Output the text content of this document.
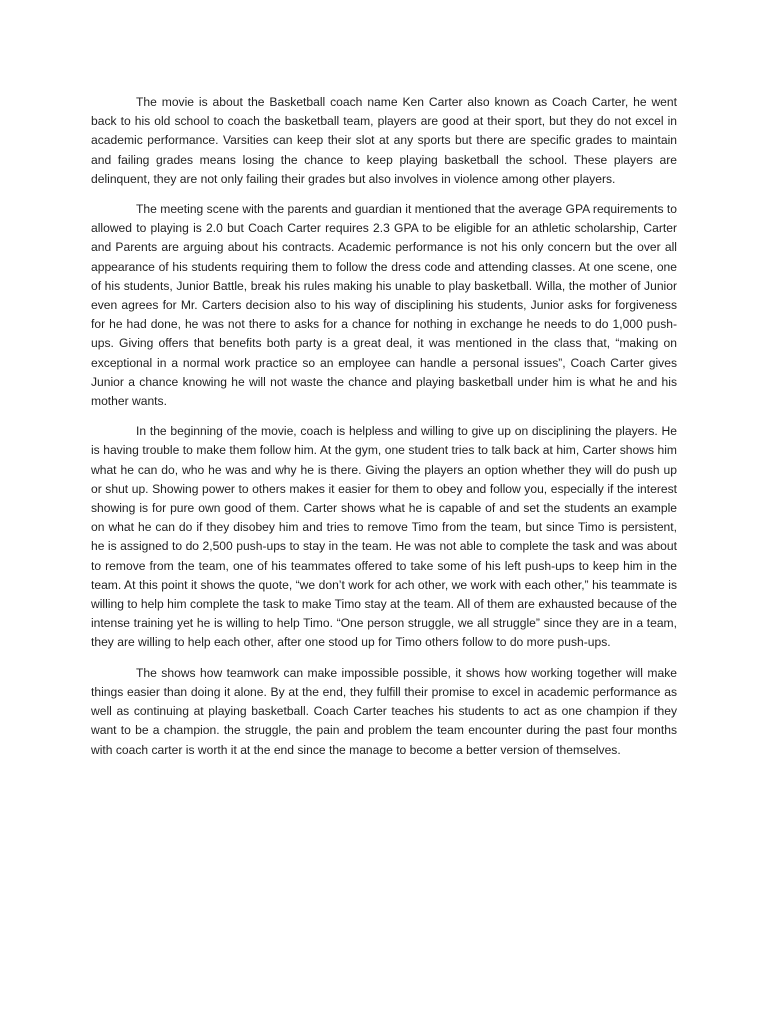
The movie is about the Basketball coach name Ken Carter also known as Coach Carter, he went back to his old school to coach the basketball team, players are good at their sport, but they do not excel in academic performance. Varsities can keep their slot at any sports but there are specific grades to maintain and failing grades means losing the chance to keep playing basketball the school. These players are delinquent, they are not only failing their grades but also involves in violence among other players.

The meeting scene with the parents and guardian it mentioned that the average GPA requirements to allowed to playing is 2.0 but Coach Carter requires 2.3 GPA to be eligible for an athletic scholarship, Carter and Parents are arguing about his contracts. Academic performance is not his only concern but the over all appearance of his students requiring them to follow the dress code and attending classes. At one scene, one of his students, Junior Battle, break his rules making his unable to play basketball. Willa, the mother of Junior even agrees for Mr. Carters decision also to his way of disciplining his students, Junior asks for forgiveness for he had done, he was not there to asks for a chance for nothing in exchange he needs to do 1,000 push-ups. Giving offers that benefits both party is a great deal, it was mentioned in the class that, “making on exceptional in a normal work practice so an employee can handle a personal issues”, Coach Carter gives Junior a chance knowing he will not waste the chance and playing basketball under him is what he and his mother wants.

In the beginning of the movie, coach is helpless and willing to give up on disciplining the players. He is having trouble to make them follow him. At the gym, one student tries to talk back at him, Carter shows him what he can do, who he was and why he is there. Giving the players an option whether they will do push up or shut up. Showing power to others makes it easier for them to obey and follow you, especially if the interest showing is for pure own good of them. Carter shows what he is capable of and set the students an example on what he can do if they disobey him and tries to remove Timo from the team, but since Timo is persistent, he is assigned to do 2,500 push-ups to stay in the team. He was not able to complete the task and was about to remove from the team, one of his teammates offered to take some of his left push-ups to keep him in the team. At this point it shows the quote, “we don’t work for ach other, we work with each other,” his teammate is willing to help him complete the task to make Timo stay at the team. All of them are exhausted because of the intense training yet he is willing to help Timo. “One person struggle, we all struggle” since they are in a team, they are willing to help each other, after one stood up for Timo others follow to do more push-ups.

The shows how teamwork can make impossible possible, it shows how working together will make things easier than doing it alone. By at the end, they fulfill their promise to excel in academic performance as well as continuing at playing basketball. Coach Carter teaches his students to act as one champion if they want to be a champion. the struggle, the pain and problem the team encounter during the past four months with coach carter is worth it at the end since the manage to become a better version of themselves.
